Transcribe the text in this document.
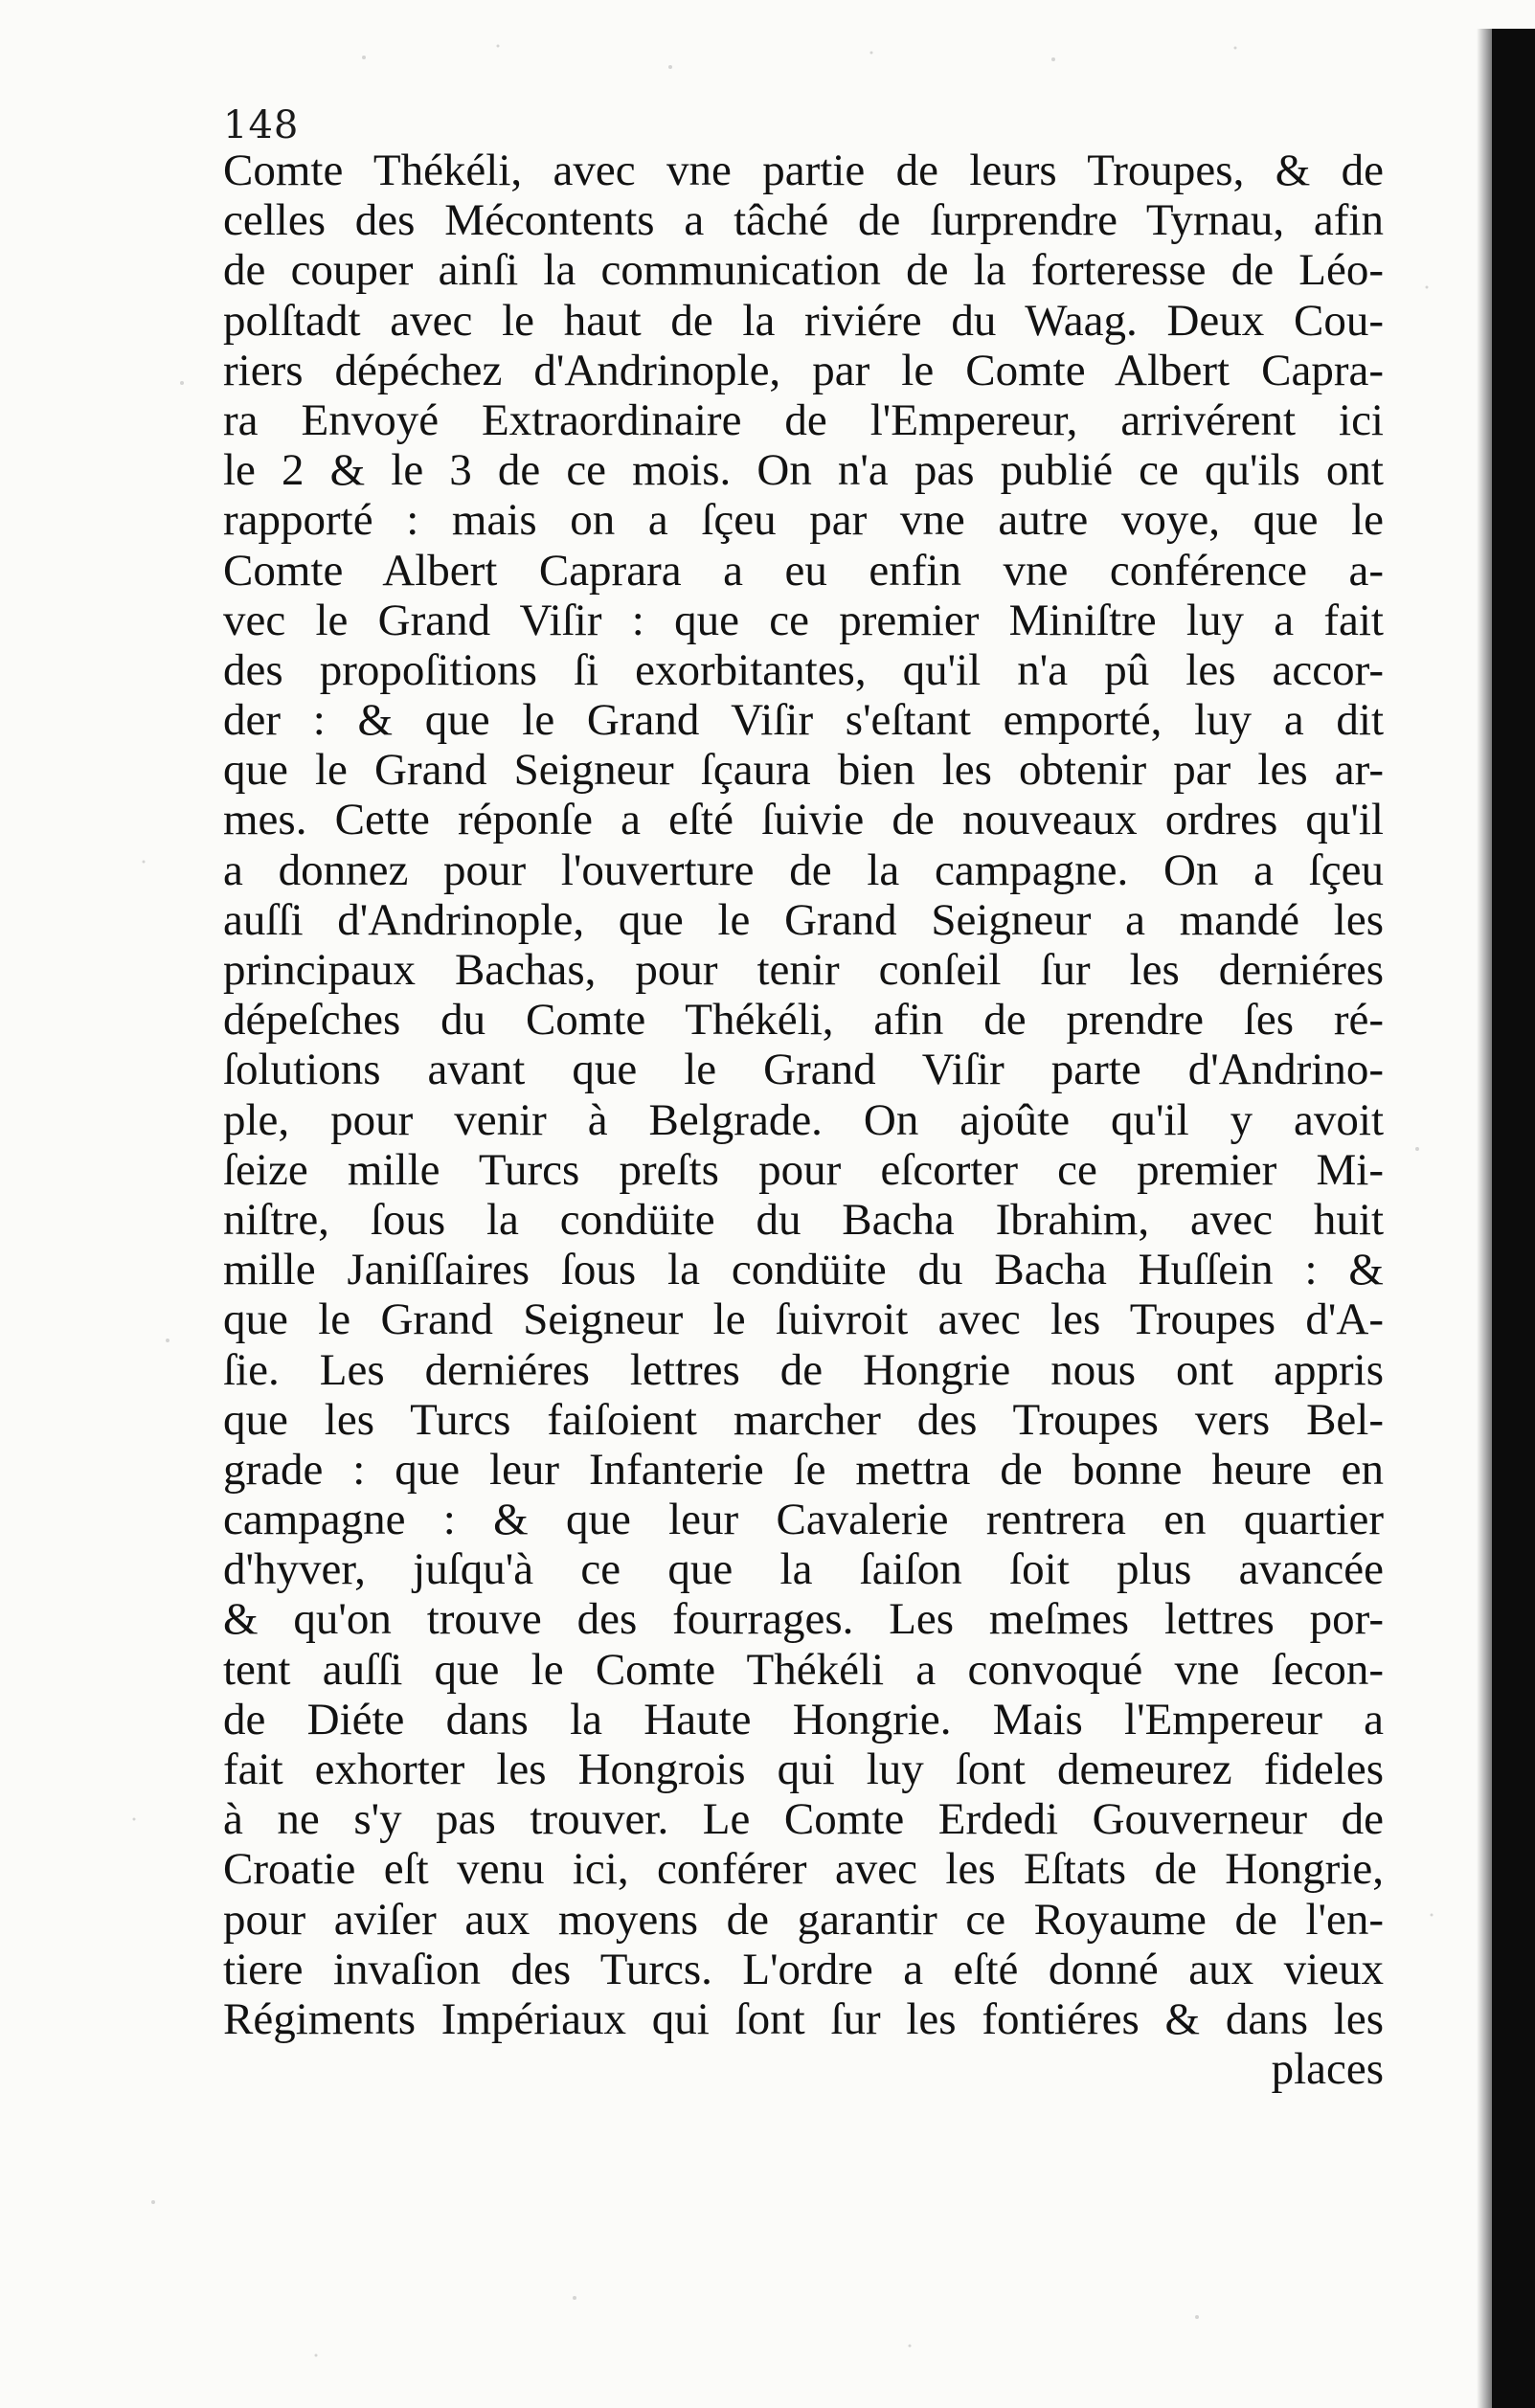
148
Comte Thékéli, avec vne partie de leurs Troupes, & de
celles des Mécontents a tâché de ſurprendre Tyrnau, afin
de couper ainſi la communication de la forteresse de Léo-
polſtadt avec le haut de la riviére du Waag. Deux Cou-
riers dépéchez d'Andrinople, par le Comte Albert Capra-
ra Envoyé Extraordinaire de l'Empereur, arrivérent ici
le 2 & le 3 de ce mois. On n'a pas publié ce qu'ils ont
rapporté : mais on a ſçeu par vne autre voye, que le
Comte Albert Caprara a eu enfin vne conférence a-
vec le Grand Viſir : que ce premier Miniſtre luy a fait
des propoſitions ſi exorbitantes, qu'il n'a pû les accor-
der : & que le Grand Viſir s'eſtant emporté, luy a dit
que le Grand Seigneur ſçaura bien les obtenir par les ar-
mes. Cette réponſe a eſté ſuivie de nouveaux ordres qu'il
a donnez pour l'ouverture de la campagne. On a ſçeu
auſſi d'Andrinople, que le Grand Seigneur a mandé les
principaux Bachas, pour tenir conſeil ſur les derniéres
dépeſches du Comte Thékéli, afin de prendre ſes ré-
ſolutions avant que le Grand Viſir parte d'Andrino-
ple, pour venir à Belgrade. On ajoûte qu'il y avoit
ſeize mille Turcs preſts pour eſcorter ce premier Mi-
niſtre, ſous la condüite du Bacha Ibrahim, avec huit
mille Janiſſaires ſous la condüite du Bacha Huſſein : &
que le Grand Seigneur le ſuivroit avec les Troupes d'A-
ſie. Les derniéres lettres de Hongrie nous ont appris
que les Turcs faiſoient marcher des Troupes vers Bel-
grade : que leur Infanterie ſe mettra de bonne heure en
campagne : & que leur Cavalerie rentrera en quartier
d'hyver, juſqu'à ce que la ſaiſon ſoit plus avancée
& qu'on trouve des fourrages. Les meſmes lettres por-
tent auſſi que le Comte Thékéli a convoqué vne ſecon-
de Diéte dans la Haute Hongrie. Mais l'Empereur a
fait exhorter les Hongrois qui luy ſont demeurez fideles
à ne s'y pas trouver. Le Comte Erdedi Gouverneur de
Croatie eſt venu ici, conférer avec les Eſtats de Hongrie,
pour aviſer aux moyens de garantir ce Royaume de l'en-
tiere invaſion des Turcs. L'ordre a eſté donné aux vieux
Régiments Impériaux qui ſont ſur les fontiéres & dans les
places
